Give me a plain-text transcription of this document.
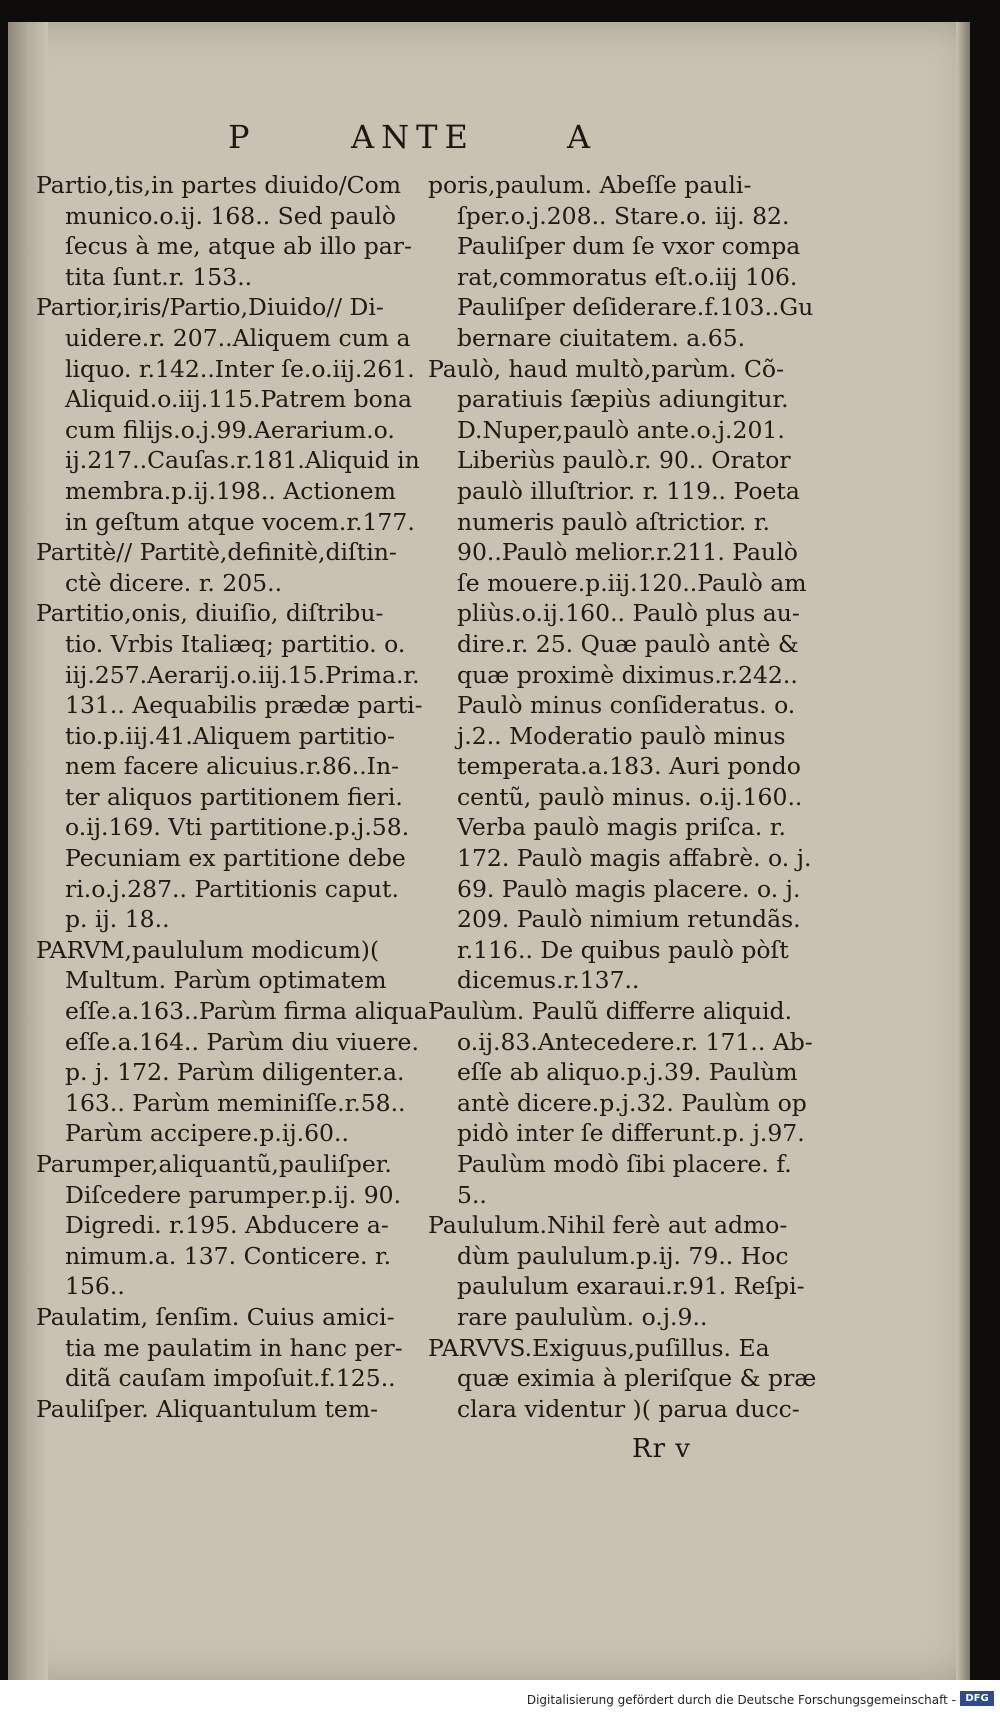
P	ANTE	A
Partio,tis,in partes diuido/Com
munico.o.ij. 168.. Sed paulò
ſecus à me, atque ab illo par-
tita ſunt.r. 153..
Partior,iris/Partio,Diuido// Di-
uidere.r. 207..Aliquem cum a
liquo. r.142..Inter ſe.o.iij.261.
Aliquid.o.iij.115.Patrem bona
cum filijs.o.j.99.Aerarium.o.
ij.217..Cauſas.r.181.Aliquid in
membra.p.ij.198.. Actionem
in geſtum atque vocem.r.177.
Partitè// Partitè,definitè,diſtin-
ctè dicere. r. 205..
Partitio,onis, diuiſio, diſtribu-
tio. Vrbis Italiæq; partitio. o.
iij.257.Aerarij.o.iij.15.Prima.r.
131.. Aequabilis prædæ parti-
tio.p.iij.41.Aliquem partitio-
nem facere alicuius.r.86..In-
ter aliquos partitionem fieri.
o.ij.169. Vti partitione.p.j.58.
Pecuniam ex partitione debe
ri.o.j.287.. Partitionis caput.
p. ij. 18..
PARVM,paululum modicum)(
Multum. Parùm optimatem
eſſe.a.163..Parùm firma aliqua
eſſe.a.164.. Parùm diu viuere.
p. j. 172. Parùm diligenter.a.
163.. Parùm meminiſſe.r.58..
Parùm accipere.p.ij.60..
Parumper,aliquantũ,pauliſper.
Diſcedere parumper.p.ij. 90.
Digredi. r.195. Abducere a-
nimum.a. 137. Conticere. r.
156..
Paulatim, ſenſim. Cuius amici-
tia me paulatim in hanc per-
ditã cauſam impoſuit.f.125..
Pauliſper. Aliquantulum tem-
poris,paulum. Abeſſe pauli-
ſper.o.j.208.. Stare.o. iij. 82.
Pauliſper dum ſe vxor compa
rat,commoratus eſt.o.iij 106.
Pauliſper deſiderare.f.103..Gu
bernare ciuitatem. a.65.
Paulò, haud multò,parùm. Cõ-
paratiuis ſæpiùs adiungitur.
D.Nuper,paulò ante.o.j.201.
Liberiùs paulò.r. 90.. Orator
paulò illuſtrior. r. 119.. Poeta
numeris paulò aſtrictior. r.
90..Paulò melior.r.211. Paulò
ſe mouere.p.iij.120..Paulò am
pliùs.o.ij.160.. Paulò plus au-
dire.r. 25. Quæ paulò antè &
quæ proximè diximus.r.242..
Paulò minus conſideratus. o.
j.2.. Moderatio paulò minus
temperata.a.183. Auri pondo
centũ, paulò minus. o.ij.160..
Verba paulò magis priſca. r.
172. Paulò magis affabrè. o. j.
69. Paulò magis placere. o. j.
209. Paulò nimium retundãs.
r.116.. De quibus paulò pòſt
dicemus.r.137..
Paulùm. Paulũ differre aliquid.
o.ij.83.Antecedere.r. 171.. Ab-
eſſe ab aliquo.p.j.39. Paulùm
antè dicere.p.j.32. Paulùm op
pidò inter ſe differunt.p. j.97.
Paulùm modò ſibi placere. f.
5..
Paululum.Nihil ferè aut admo-
dùm paululum.p.ij. 79.. Hoc
paululum exaraui.r.91. Reſpi-
rare paululùm. o.j.9..
PARVVS.Exiguus,puſillus. Ea
quæ eximia à pleriſque & præ
clara videntur )( parua ducc-
Rr v
Digitalisierung gefördert durch die Deutsche Forschungsgemeinschaft - DFG
